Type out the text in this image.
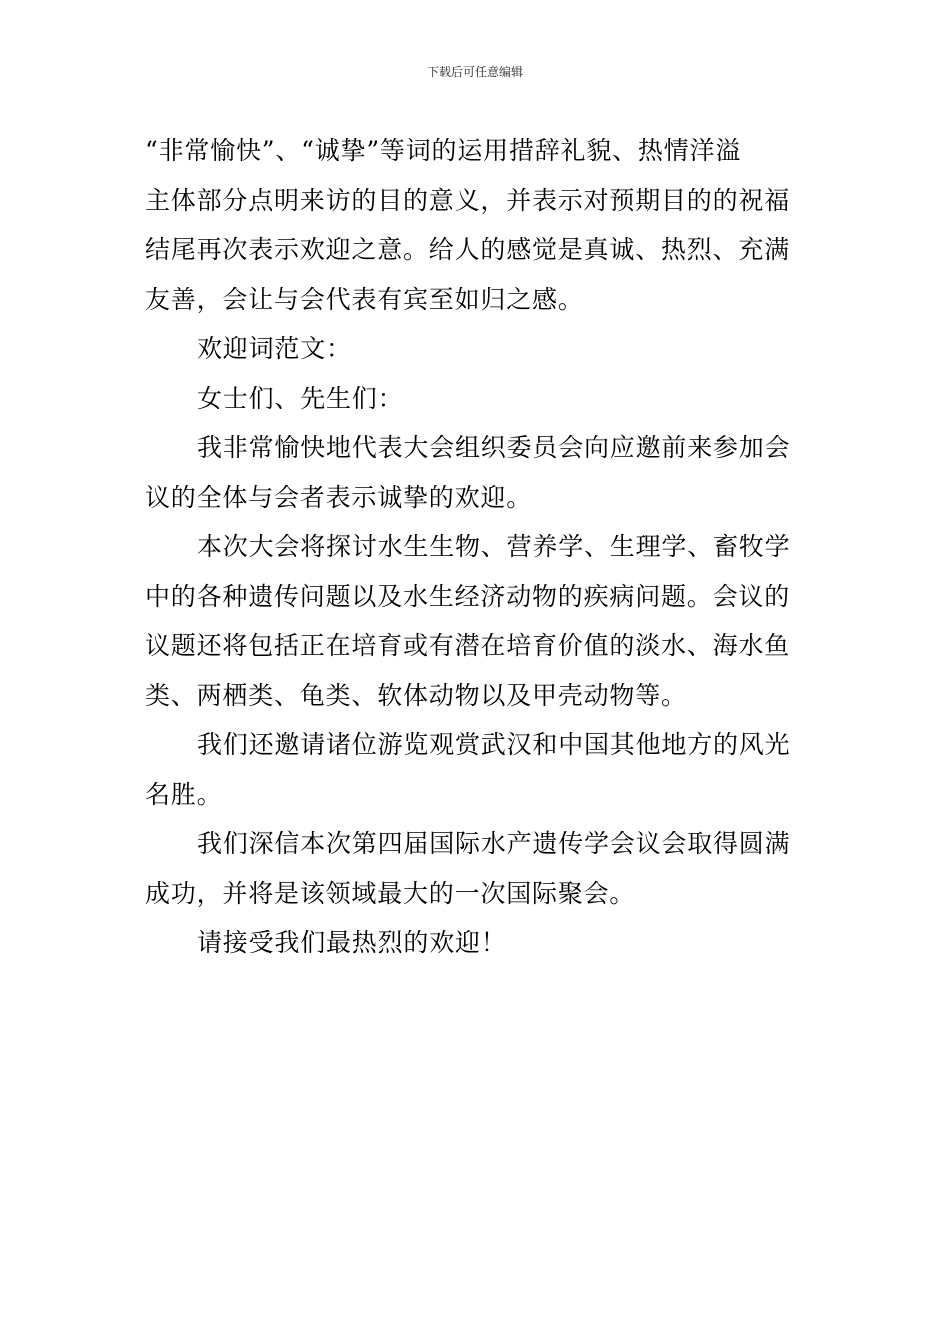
下载后可任意编辑
“非常愉快”、“诚挚”等词的运用措辞礼貌、热情洋溢
主体部分点明来访的目的意义，并表示对预期目的的祝福
结尾再次表示欢迎之意。给人的感觉是真诚、热烈、充满
友善，会让与会代表有宾至如归之感。
欢迎词范文：
女士们、先生们：
我非常愉快地代表大会组织委员会向应邀前来参加会
议的全体与会者表示诚挚的欢迎。
本次大会将探讨水生生物、营养学、生理学、畜牧学
中的各种遗传问题以及水生经济动物的疾病问题。会议的
议题还将包括正在培育或有潜在培育价值的淡水、海水鱼
类、两栖类、龟类、软体动物以及甲壳动物等。
我们还邀请诸位游览观赏武汉和中国其他地方的风光
名胜。
我们深信本次第四届国际水产遗传学会议会取得圆满
成功，并将是该领域最大的一次国际聚会。
请接受我们最热烈的欢迎！
